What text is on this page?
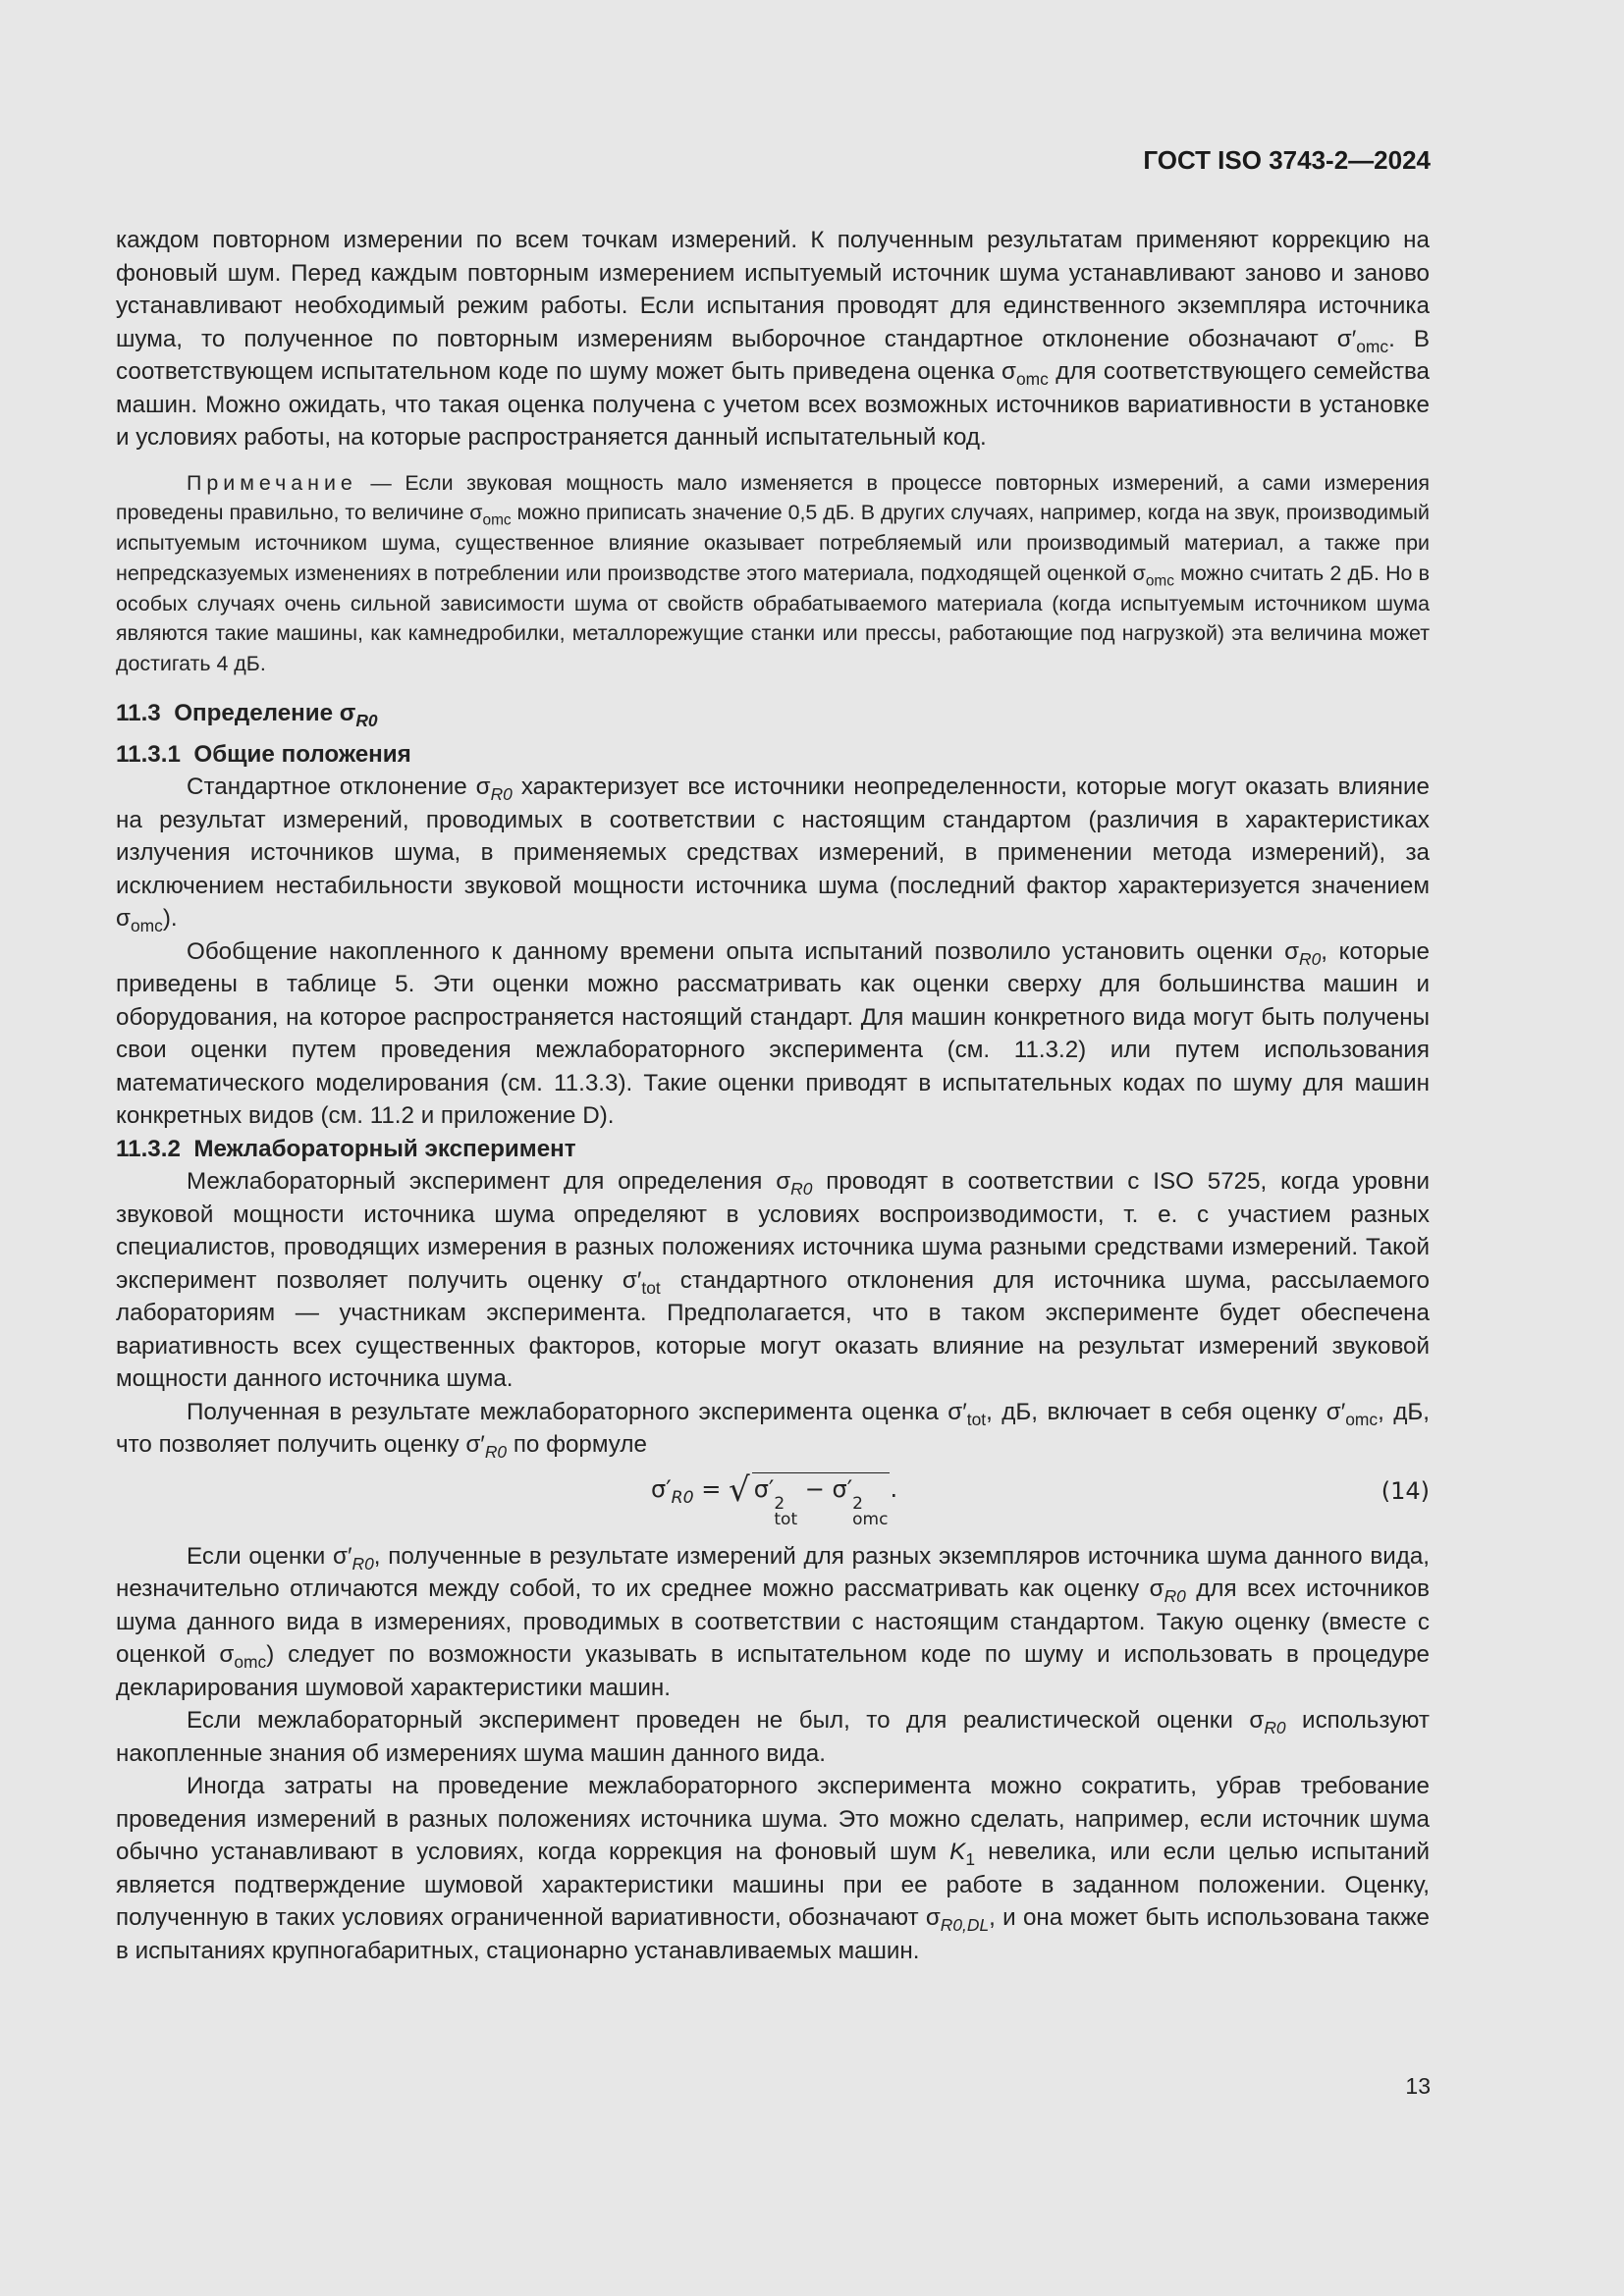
ГОСТ ISO 3743-2—2024

каждом повторном измерении по всем точкам измерений. К полученным результатам применяют коррекцию на фоновый шум. Перед каждым повторным измерением испытуемый источник шума устанавливают заново и заново устанавливают необходимый режим работы. Если испытания проводят для единственного экземпляра источника шума, то полученное по повторным измерениям выборочное стандартное отклонение обозначают $\sigma'_{omc}$. В соответствующем испытательном коде по шуму может быть приведена оценка $\sigma_{omc}$ для соответствующего семейства машин. Можно ожидать, что такая оценка получена с учетом всех возможных источников вариативности в установке и условиях работы, на которые распространяется данный испытательный код.

Примечание — Если звуковая мощность мало изменяется в процессе повторных измерений, а сами измерения проведены правильно, то величине $\sigma_{omc}$ можно приписать значение 0,5 дБ. В других случаях, например, когда на звук, производимый испытуемым источником шума, существенное влияние оказывает потребляемый или производимый материал, а также при непредсказуемых изменениях в потреблении или производстве этого материала, подходящей оценкой $\sigma_{omc}$ можно считать 2 дБ. Но в особых случаях очень сильной зависимости шума от свойств обрабатываемого материала (когда испытуемым источником шума являются такие машины, как камнедробилки, металлорежущие станки или прессы, работающие под нагрузкой) эта величина может достигать 4 дБ.

11.3 Определение $\sigma_{R0}$

11.3.1 Общие положения

Стандартное отклонение $\sigma_{R0}$ характеризует все источники неопределенности, которые могут оказать влияние на результат измерений, проводимых в соответствии с настоящим стандартом (различия в характеристиках излучения источников шума, в применяемых средствах измерений, в применении метода измерений), за исключением нестабильности звуковой мощности источника шума (последний фактор характеризуется значением $\sigma_{omc}$).

Обобщение накопленного к данному времени опыта испытаний позволило установить оценки $\sigma_{R0}$, которые приведены в таблице 5. Эти оценки можно рассматривать как оценки сверху для большинства машин и оборудования, на которое распространяется настоящий стандарт. Для машин конкретного вида могут быть получены свои оценки путем проведения межлабораторного эксперимента (см. 11.3.2) или путем использования математического моделирования (см. 11.3.3). Такие оценки приводят в испытательных кодах по шуму для машин конкретных видов (см. 11.2 и приложение D).

11.3.2 Межлабораторный эксперимент

Межлабораторный эксперимент для определения $\sigma_{R0}$ проводят в соответствии с ISO 5725, когда уровни звуковой мощности источника шума определяют в условиях воспроизводимости, т. е. с участием разных специалистов, проводящих измерения в разных положениях источника шума разными средствами измерений. Такой эксперимент позволяет получить оценку $\sigma'_{tot}$ стандартного отклонения для источника шума, рассылаемого лабораториям — участникам эксперимента. Предполагается, что в таком эксперименте будет обеспечена вариативность всех существенных факторов, которые могут оказать влияние на результат измерений звуковой мощности данного источника шума.

Полученная в результате межлабораторного эксперимента оценка $\sigma'_{tot}$, дБ, включает в себя оценку $\sigma'_{omc}$, дБ, что позволяет получить оценку $\sigma'_{R0}$ по формуле

$\sigma'_{R0}$ = √ σ′
2
tot
− σ′
2
omc
.	(14)

Если оценки $\sigma'_{R0}$, полученные в результате измерений для разных экземпляров источника шума данного вида, незначительно отличаются между собой, то их среднее можно рассматривать как оценку $\sigma_{R0}$ для всех источников шума данного вида в измерениях, проводимых в соответствии с настоящим стандартом. Такую оценку (вместе с оценкой $\sigma_{omc}$) следует по возможности указывать в испытательном коде по шуму и использовать в процедуре декларирования шумовой характеристики машин.

Если межлабораторный эксперимент проведен не был, то для реалистической оценки $\sigma_{R0}$ используют накопленные знания об измерениях шума машин данного вида.

Иногда затраты на проведение межлабораторного эксперимента можно сократить, убрав требование проведения измерений в разных положениях источника шума. Это можно сделать, например, если источник шума обычно устанавливают в условиях, когда коррекция на фоновый шум $K_1$ невелика, или если целью испытаний является подтверждение шумовой характеристики машины при ее работе в заданном положении. Оценку, полученную в таких условиях ограниченной вариативности, обозначают $\sigma_{R0,DL}$, и она может быть использована также в испытаниях крупногабаритных, стационарно устанавливаемых машин.

13
